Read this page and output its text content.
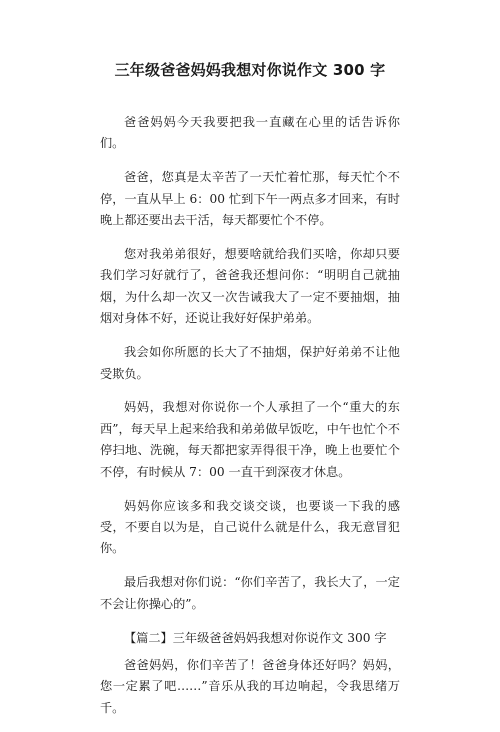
三年级爸爸妈妈我想对你说作文 300 字

爸爸妈妈今天我要把我一直藏在心里的话告诉你们。

爸爸，您真是太辛苦了一天忙着忙那，每天忙个不停，一直从早上 6：00 忙到下午一两点多才回来，有时晚上都还要出去干活，每天都要忙个不停。

您对我弟弟很好，想要啥就给我们买啥，你却只要我们学习好就行了，爸爸我还想问你：“明明自己就抽烟，为什么却一次又一次告诫我大了一定不要抽烟，抽烟对身体不好，还说让我好好保护弟弟。

我会如你所愿的长大了不抽烟，保护好弟弟不让他受欺负。

妈妈，我想对你说你一个人承担了一个“重大的东西”，每天早上起来给我和弟弟做早饭吃，中午也忙个不停扫地、洗碗，每天都把家弄得很干净，晚上也要忙个不停，有时候从 7：00 一直干到深夜才休息。

妈妈你应该多和我交谈交谈，也要谈一下我的感受，不要自以为是，自己说什么就是什么，我无意冒犯你。

最后我想对你们说：“你们辛苦了，我长大了，一定不会让你操心的”。

【篇二】三年级爸爸妈妈我想对你说作文 300 字

爸爸妈妈，你们辛苦了！爸爸身体还好吗？妈妈，您一定累了吧……”音乐从我的耳边响起，令我思绪万千。
